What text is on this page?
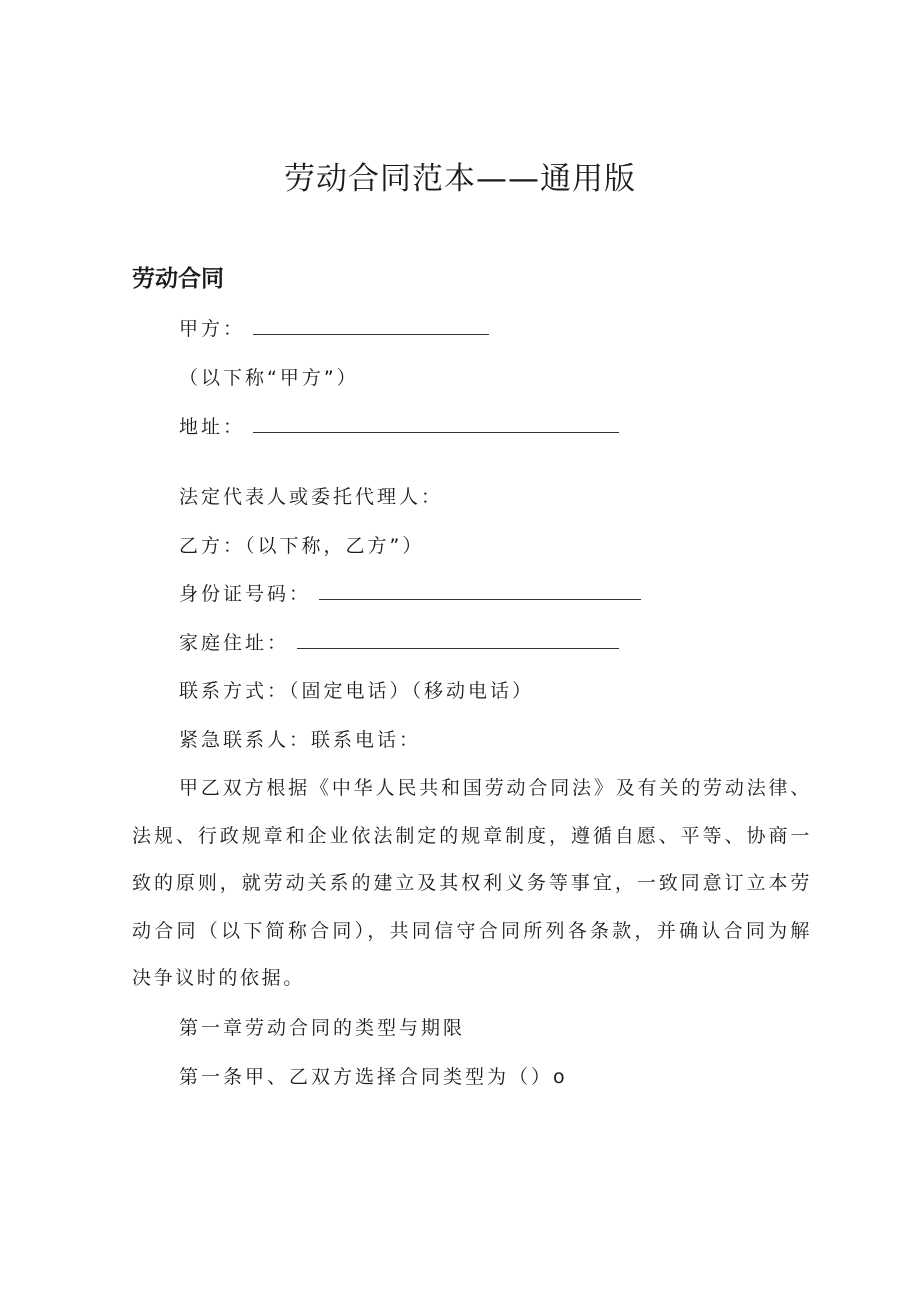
劳动合同范本——通用版
劳动合同
甲方：
（以下称“甲方”）
地址：
法定代表人或委托代理人：
乙方：（以下称，乙方”）
身份证号码：
家庭住址：
联系方式：（固定电话）（移动电话）
紧急联系人：联系电话：
甲乙双方根据《中华人民共和国劳动合同法》及有关的劳动法律、法规、行政规章和企业依法制定的规章制度，遵循自愿、平等、协商一致的原则，就劳动关系的建立及其权利义务等事宜，一致同意订立本劳动合同（以下简称合同），共同信守合同所列各条款，并确认合同为解决争议时的依据。
第一章劳动合同的类型与期限
第一条甲、乙双方选择合同类型为（）o
